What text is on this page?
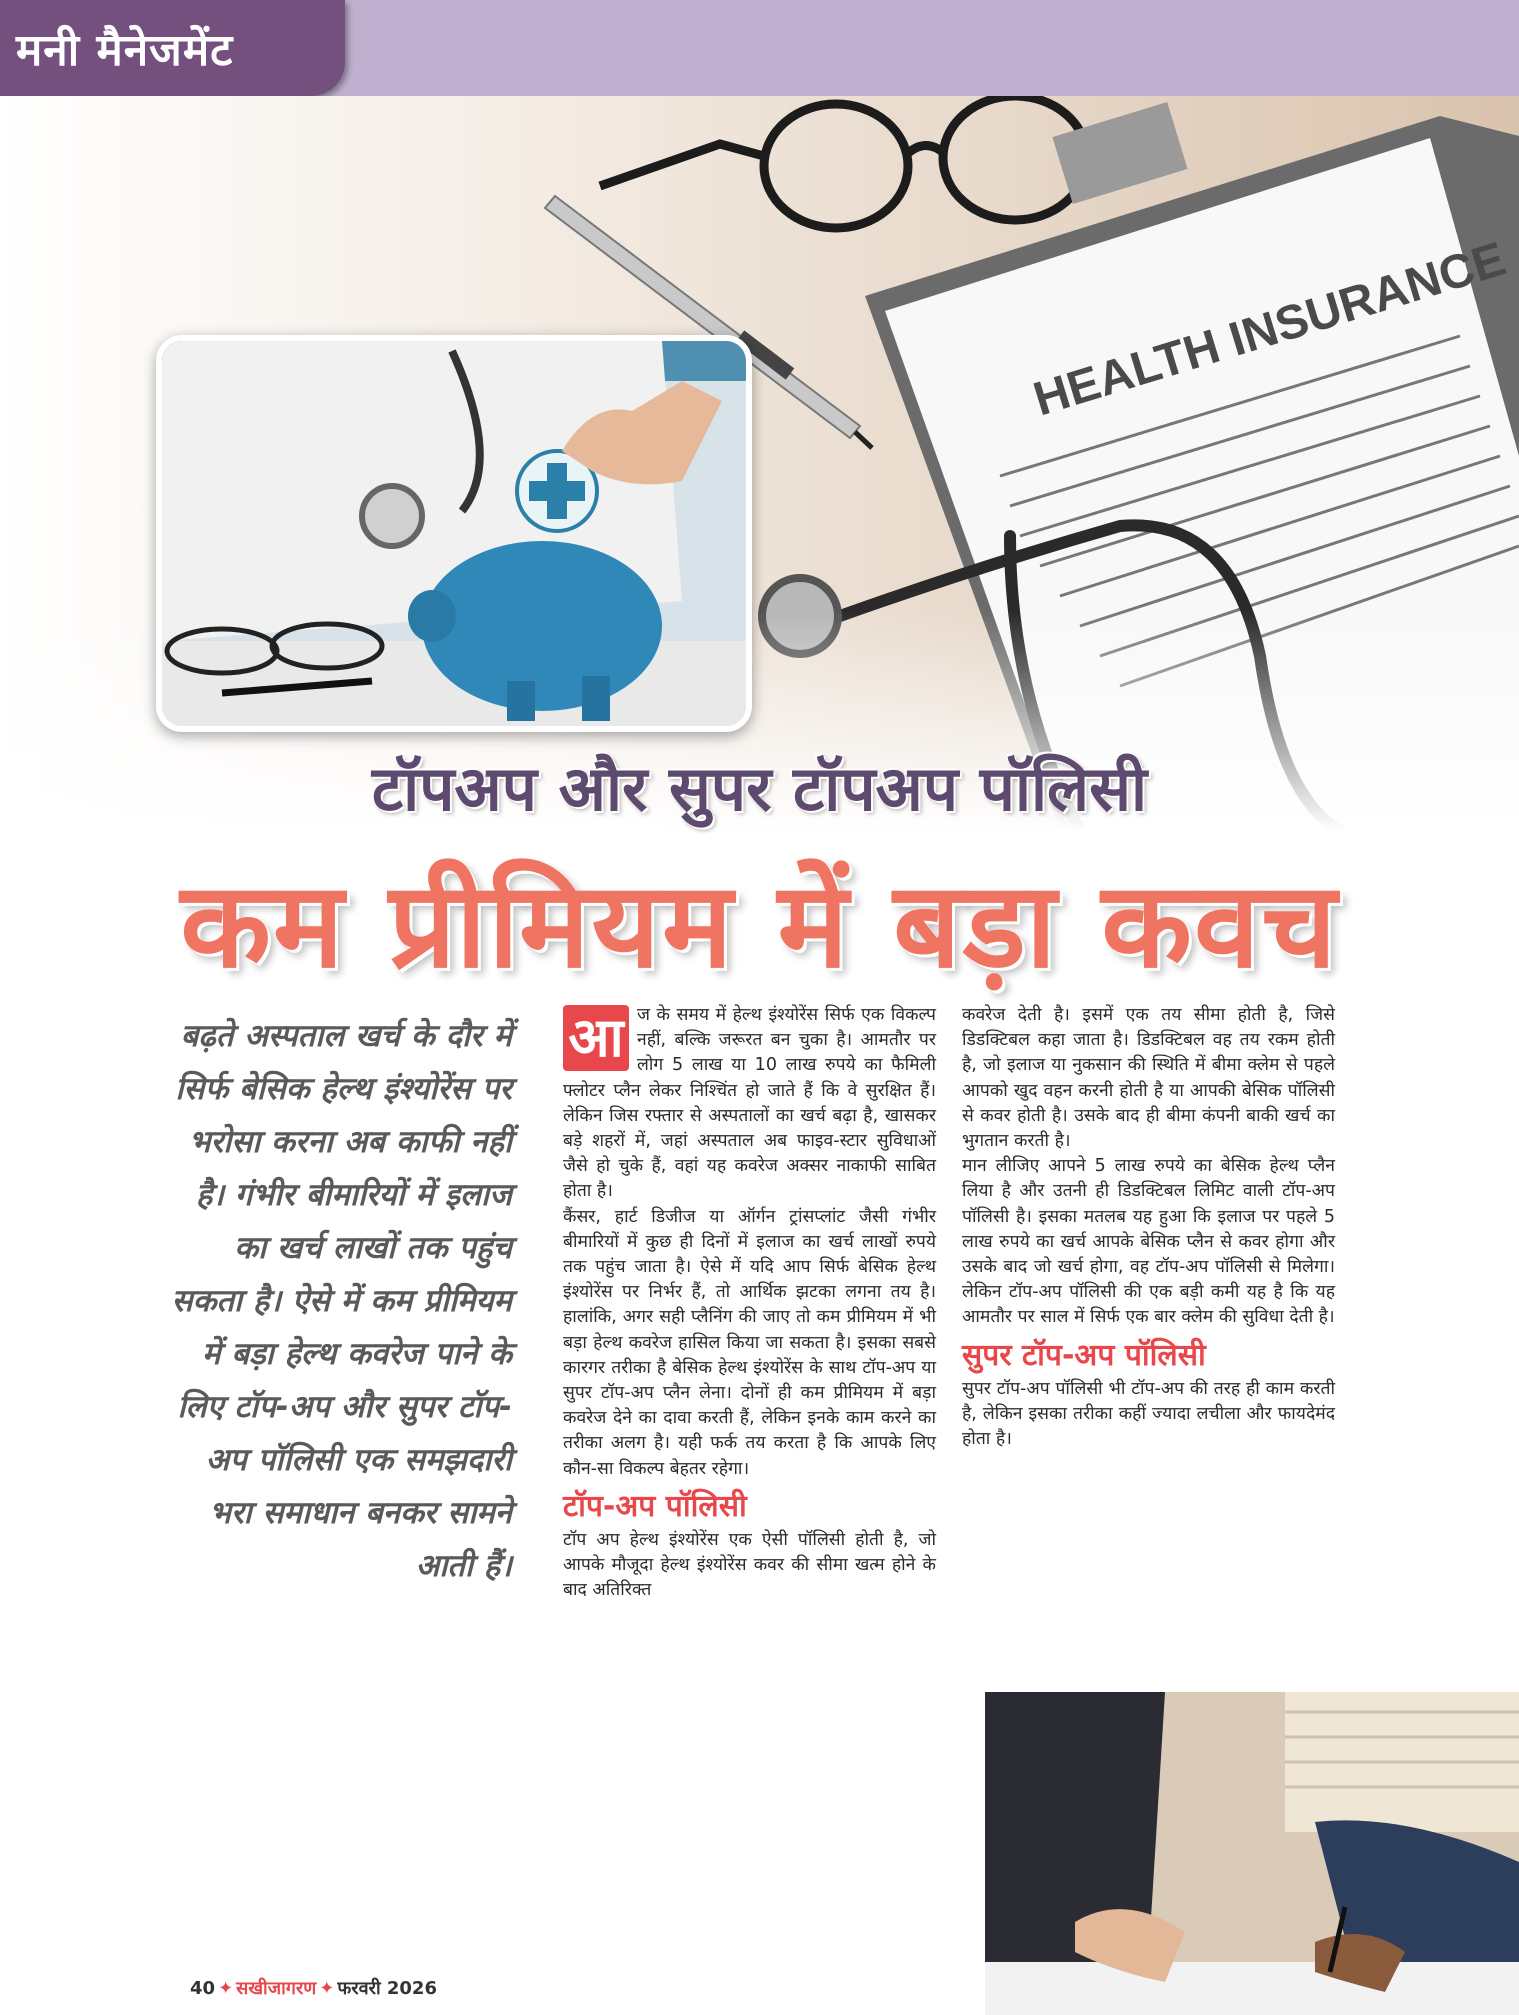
मनी मैनेजमेंट
टॉपअप और सुपर टॉपअप पॉलिसी
कम प्रीमियम में बड़ा कवच
बढ़ते अस्पताल खर्च के दौर में सिर्फ बेसिक हेल्थ इंश्योरेंस पर भरोसा करना अब काफी नहीं है। गंभीर बीमारियों में इलाज का खर्च लाखों तक पहुंच सकता है। ऐसे में कम प्रीमियम में बड़ा हेल्थ कवरेज पाने के लिए टॉप-अप और सुपर टॉप-अप पॉलिसी एक समझदारी भरा समाधान बनकर सामने आती हैं।
आ ज के समय में हेल्थ इंश्योरेंस सिर्फ एक विकल्प नहीं, बल्कि जरूरत बन चुका है। आमतौर पर लोग 5 लाख या 10 लाख रुपये का फैमिली फ्लोटर प्लैन लेकर निश्चिंत हो जाते हैं कि वे सुरक्षित हैं। लेकिन जिस रफ्तार से अस्पतालों का खर्च बढ़ा है, खासकर बड़े शहरों में, जहां अस्पताल अब फाइव-स्टार सुविधाओं जैसे हो चुके हैं, वहां यह कवरेज अक्सर नाकाफी साबित होता है।

कैंसर, हार्ट डिजीज या ऑर्गन ट्रांसप्लांट जैसी गंभीर बीमारियों में कुछ ही दिनों में इलाज का खर्च लाखों रुपये तक पहुंच जाता है। ऐसे में यदि आप सिर्फ बेसिक हेल्थ इंश्योरेंस पर निर्भर हैं, तो आर्थिक झटका लगना तय है। हालांकि, अगर सही प्लैनिंग की जाए तो कम प्रीमियम में भी बड़ा हेल्थ कवरेज हासिल किया जा सकता है। इसका सबसे कारगर तरीका है बेसिक हेल्थ इंश्योरेंस के साथ टॉप-अप या सुपर टॉप-अप प्लैन लेना। दोनों ही कम प्रीमियम में बड़ा कवरेज देने का दावा करती हैं, लेकिन इनके काम करने का तरीका अलग है। यही फर्क तय करता है कि आपके लिए कौन-सा विकल्प बेहतर रहेगा।

टॉप-अप पॉलिसी

टॉप अप हेल्थ इंश्योरेंस एक ऐसी पॉलिसी होती है, जो आपके मौजूदा हेल्थ इंश्योरेंस कवर की सीमा खत्म होने के बाद अतिरिक्त

कवरेज देती है। इसमें एक तय सीमा होती है, जिसे डिडक्टिबल कहा जाता है। डिडक्टिबल वह तय रकम होती है, जो इलाज या नुकसान की स्थिति में बीमा क्लेम से पहले आपको खुद वहन करनी होती है या आपकी बेसिक पॉलिसी से कवर होती है। उसके बाद ही बीमा कंपनी बाकी खर्च का भुगतान करती है।

मान लीजिए आपने 5 लाख रुपये का बेसिक हेल्थ प्लैन लिया है और उतनी ही डिडक्टिबल लिमिट वाली टॉप-अप पॉलिसी है। इसका मतलब यह हुआ कि इलाज पर पहले 5 लाख रुपये का खर्च आपके बेसिक प्लैन से कवर होगा और उसके बाद जो खर्च होगा, वह टॉप-अप पॉलिसी से मिलेगा। लेकिन टॉप-अप पॉलिसी की एक बड़ी कमी यह है कि यह आमतौर पर साल में सिर्फ एक बार क्लेम की सुविधा देती है।

सुपर टॉप-अप पॉलिसी

सुपर टॉप-अप पॉलिसी भी टॉप-अप की तरह ही काम करती है, लेकिन इसका तरीका कहीं ज्यादा लचीला और फायदेमंद होता है।

40 ✦ सखीजागरण ✦ फरवरी 2026
